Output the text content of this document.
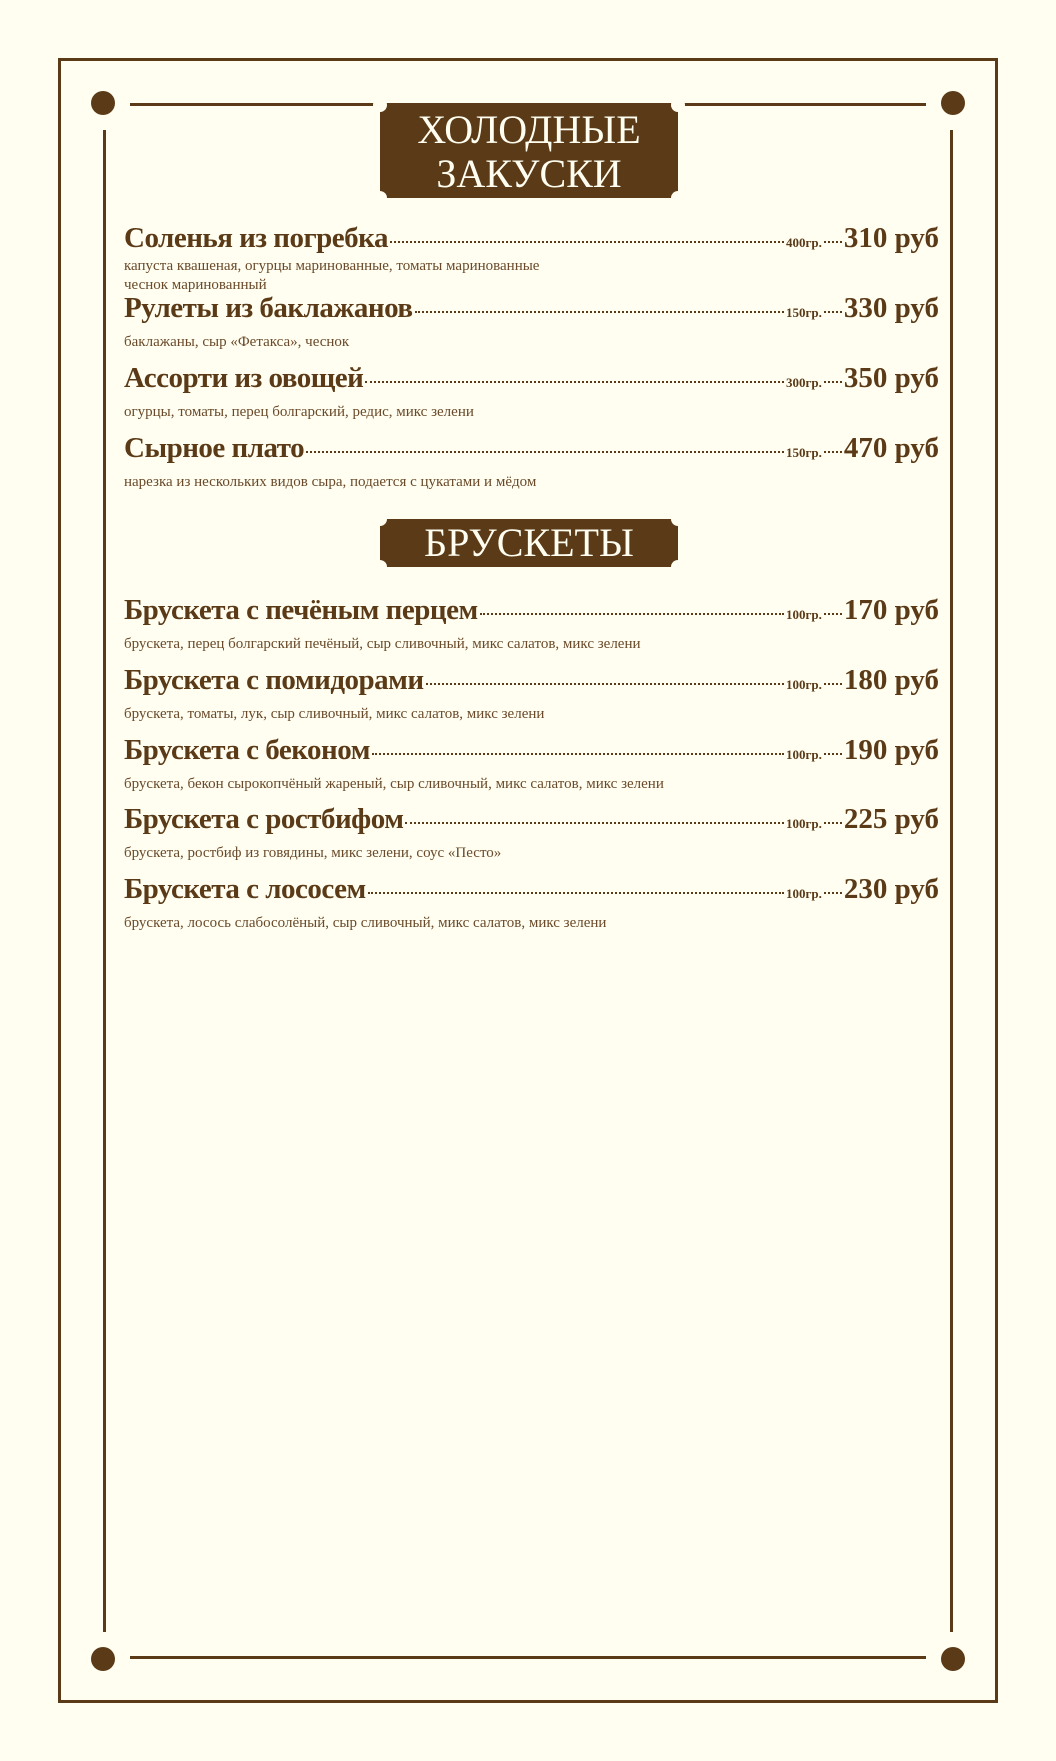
ХОЛОДНЫЕ
ЗАКУСКИ
БРУСКЕТЫ
Соленья из погребка	400гр. 310 руб
капуста квашеная, огурцы маринованные, томаты маринованные
чеснок маринованный
Рулеты из баклажанов	150гр. 330 руб
баклажаны, сыр «Фетакса», чеснок
Ассорти из овощей	300гр. 350 руб
огурцы, томаты, перец болгарский, редис, микс зелени
Сырное плато	150гр. 470 руб
нарезка из нескольких видов сыра, подается с цукатами и мёдом
Брускета с печёным перцем	100гр. 170 руб
брускета, перец болгарский печёный, сыр сливочный, микс салатов, микс зелени
Брускета с помидорами	100гр. 180 руб
брускета, томаты, лук, сыр сливочный, микс салатов, микс зелени
Брускета с беконом	100гр. 190 руб
брускета, бекон сырокопчёный жареный, сыр сливочный, микс салатов, микс зелени
Брускета с ростбифом	100гр. 225 руб
брускета, ростбиф из говядины, микс зелени, соус «Песто»
Брускета с лососем	100гр. 230 руб
брускета, лосось слабосолёный, сыр сливочный, микс салатов, микс зелени
